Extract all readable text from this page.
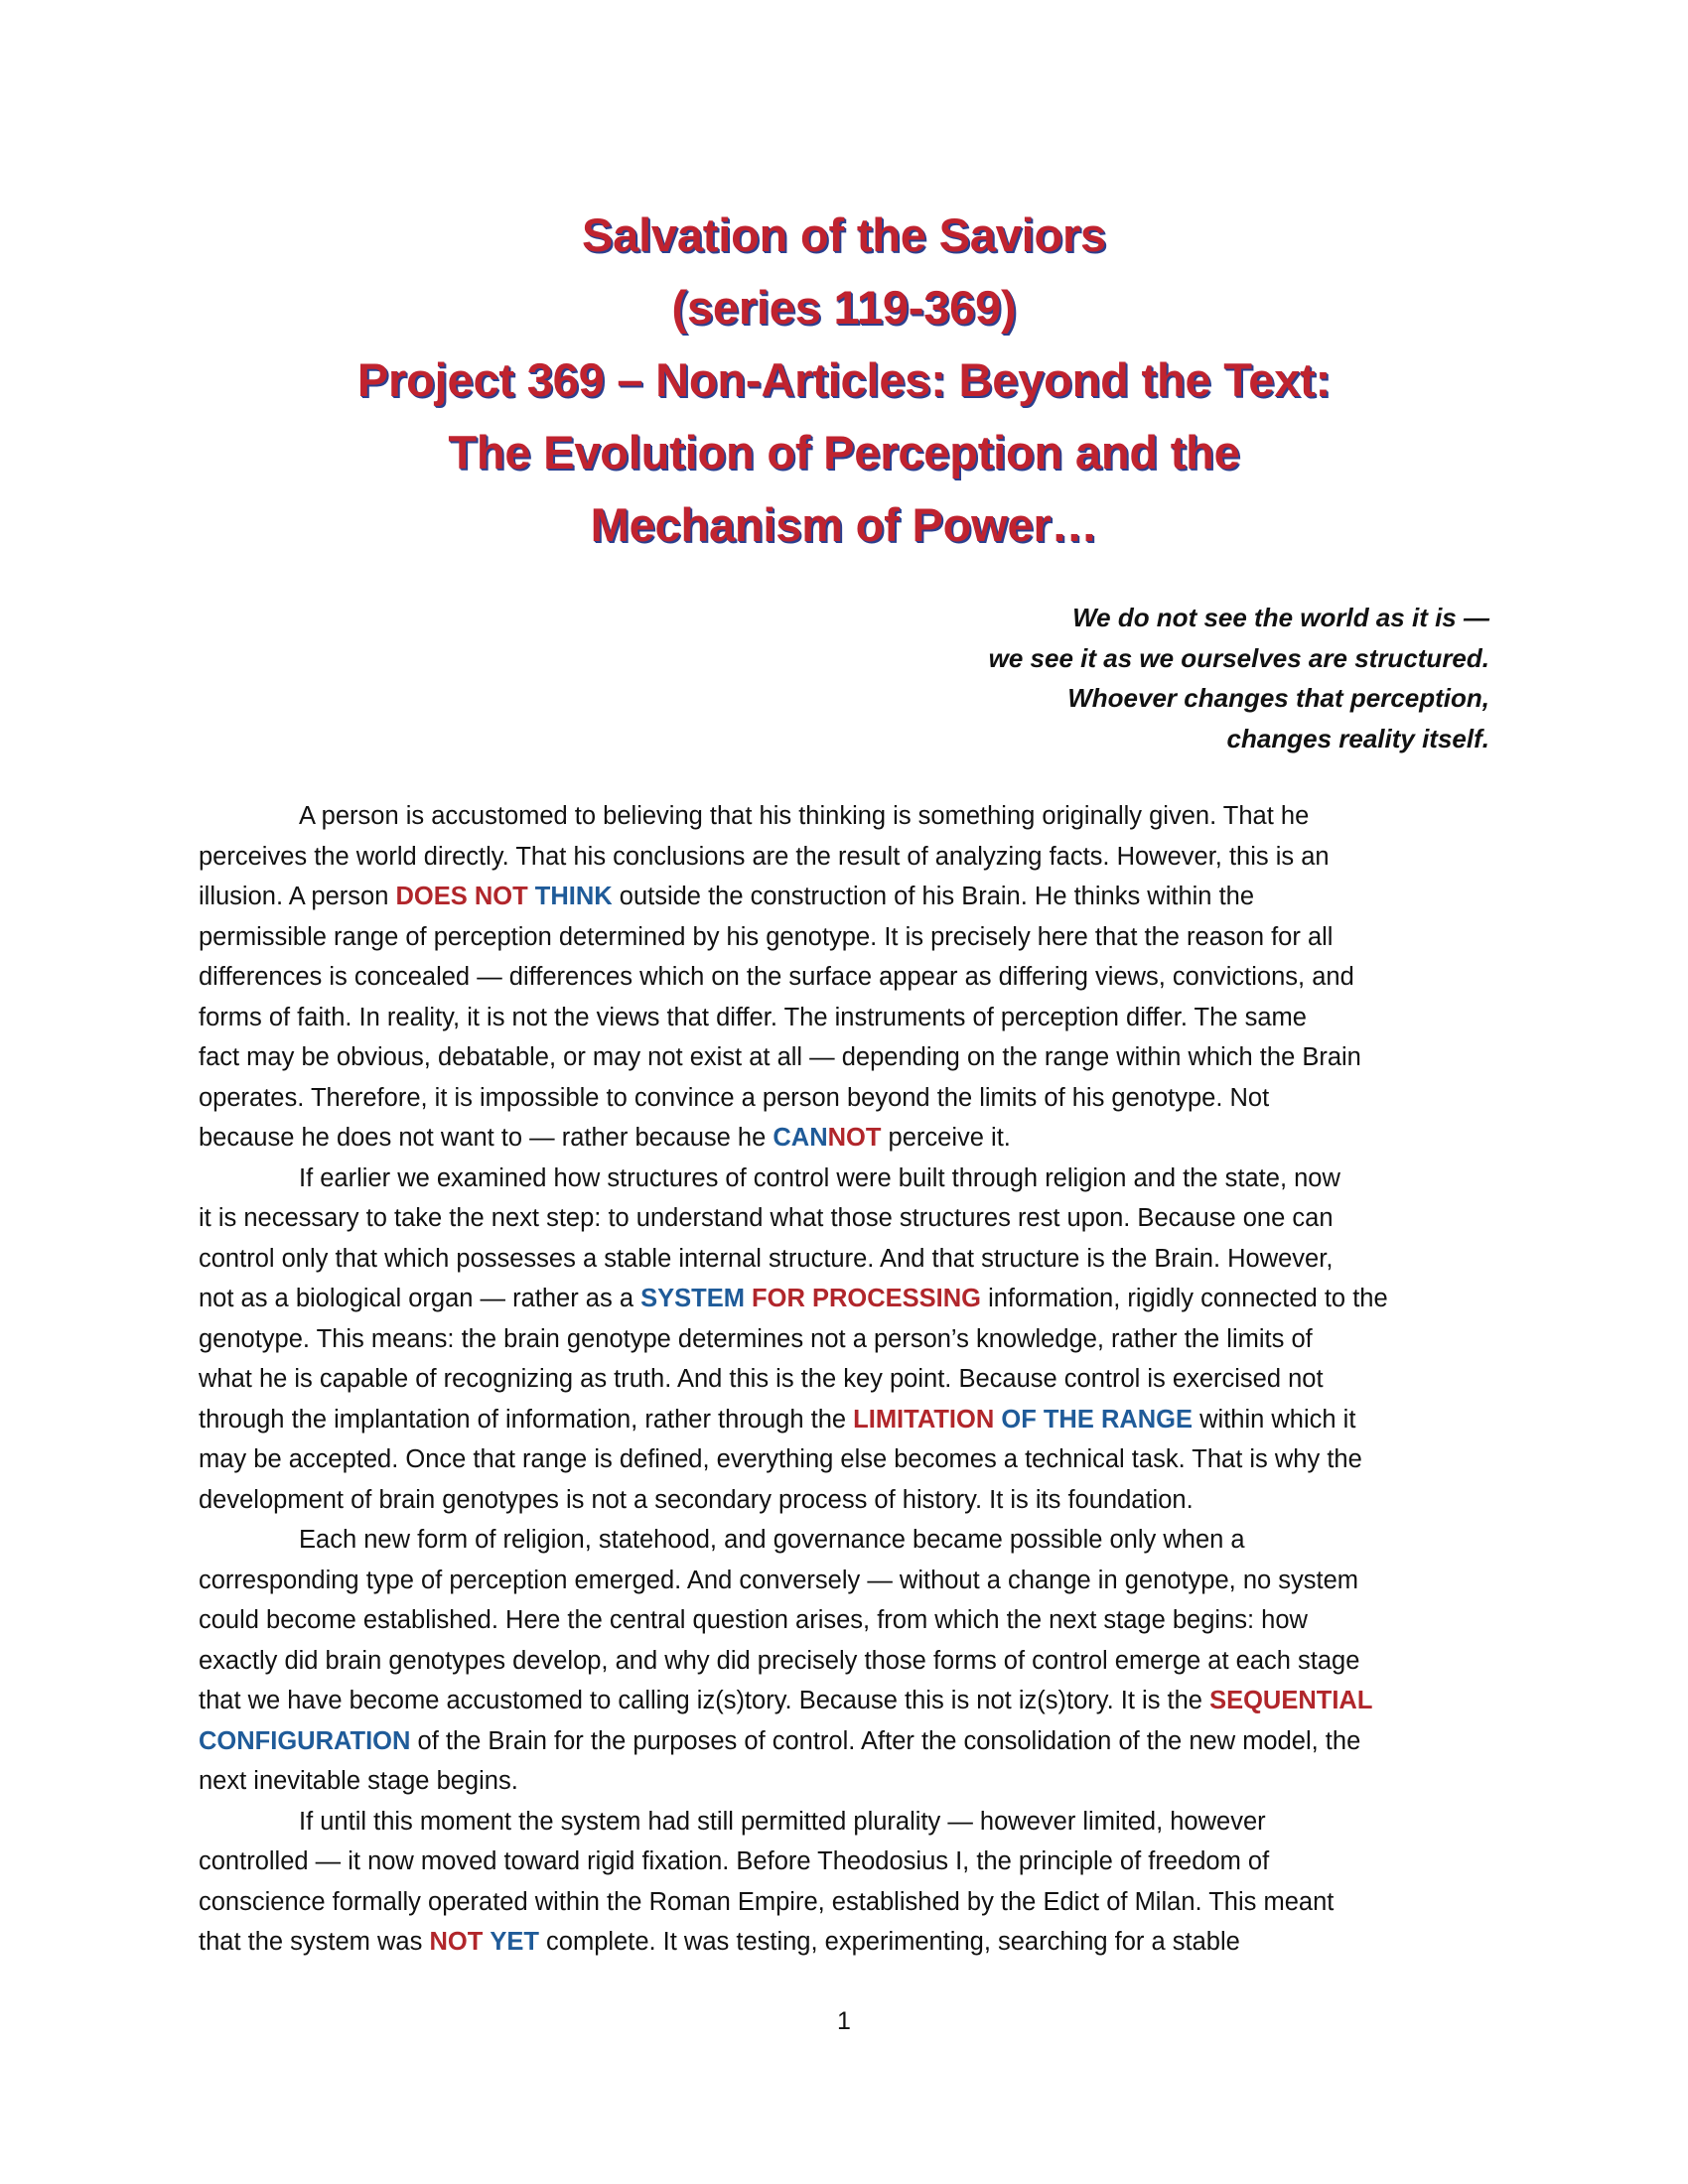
Salvation of the Saviors
(series 119-369)
Project 369 – Non-Articles: Beyond the Text:
The Evolution of Perception and the
Mechanism of Power…
We do not see the world as it is —
we see it as we ourselves are structured.
Whoever changes that perception,
changes reality itself.
A person is accustomed to believing that his thinking is something originally given. That he
perceives the world directly. That his conclusions are the result of analyzing facts. However, this is an
illusion. A person DOES NOT THINK outside the construction of his Brain. He thinks within the
permissible range of perception determined by his genotype. It is precisely here that the reason for all
differences is concealed — differences which on the surface appear as differing views, convictions, and
forms of faith. In reality, it is not the views that differ. The instruments of perception differ. The same
fact may be obvious, debatable, or may not exist at all — depending on the range within which the Brain
operates. Therefore, it is impossible to convince a person beyond the limits of his genotype. Not
because he does not want to — rather because he CANNOT perceive it.
If earlier we examined how structures of control were built through religion and the state, now
it is necessary to take the next step: to understand what those structures rest upon. Because one can
control only that which possesses a stable internal structure. And that structure is the Brain. However,
not as a biological organ — rather as a SYSTEM FOR PROCESSING information, rigidly connected to the
genotype. This means: the brain genotype determines not a person’s knowledge, rather the limits of
what he is capable of recognizing as truth. And this is the key point. Because control is exercised not
through the implantation of information, rather through the LIMITATION OF THE RANGE within which it
may be accepted. Once that range is defined, everything else becomes a technical task. That is why the
development of brain genotypes is not a secondary process of history. It is its foundation.
Each new form of religion, statehood, and governance became possible only when a
corresponding type of perception emerged. And conversely — without a change in genotype, no system
could become established. Here the central question arises, from which the next stage begins: how
exactly did brain genotypes develop, and why did precisely those forms of control emerge at each stage
that we have become accustomed to calling iz(s)tory. Because this is not iz(s)tory. It is the SEQUENTIAL
CONFIGURATION of the Brain for the purposes of control. After the consolidation of the new model, the
next inevitable stage begins.
If until this moment the system had still permitted plurality — however limited, however
controlled — it now moved toward rigid fixation. Before Theodosius I, the principle of freedom of
conscience formally operated within the Roman Empire, established by the Edict of Milan. This meant
that the system was NOT YET complete. It was testing, experimenting, searching for a stable
1
